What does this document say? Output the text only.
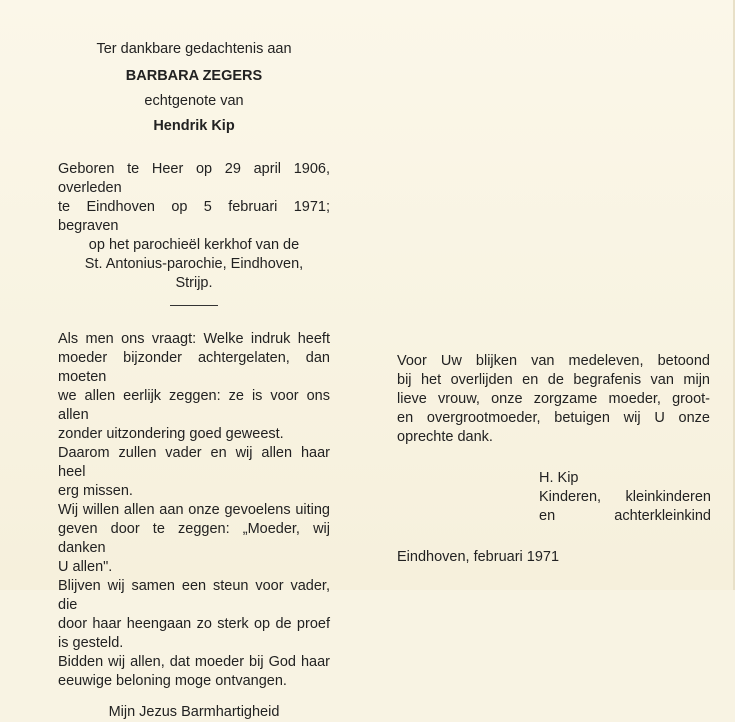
Ter dankbare gedachtenis aan
BARBARA ZEGERS
echtgenote van
Hendrik Kip
Geboren te Heer op 29 april 1906, overleden
te Eindhoven op 5 februari 1971; begraven
op het parochieël kerkhof van de
St. Antonius-parochie, Eindhoven,
Strijp.
Als men ons vraagt: Welke indruk heeft
moeder bijzonder achtergelaten, dan moeten
we allen eerlijk zeggen: ze is voor ons allen
zonder uitzondering goed geweest.
Daarom zullen vader en wij allen haar heel
erg missen.
Wij willen allen aan onze gevoelens uiting
geven door te zeggen: „Moeder, wij danken
U allen".
Blijven wij samen een steun voor vader, die
door haar heengaan zo sterk op de proef
is gesteld.
Bidden wij allen, dat moeder bij God haar
eeuwige beloning moge ontvangen.
Mijn Jezus Barmhartigheid
Voor Uw blijken van medeleven, betoond
bij het overlijden en de begrafenis van mijn
lieve vrouw, onze zorgzame moeder, groot-
en overgrootmoeder, betuigen wij U onze
oprechte dank.
H. Kip
Kinderen, kleinkinderen
en achterkleinkind
Eindhoven, februari 1971
